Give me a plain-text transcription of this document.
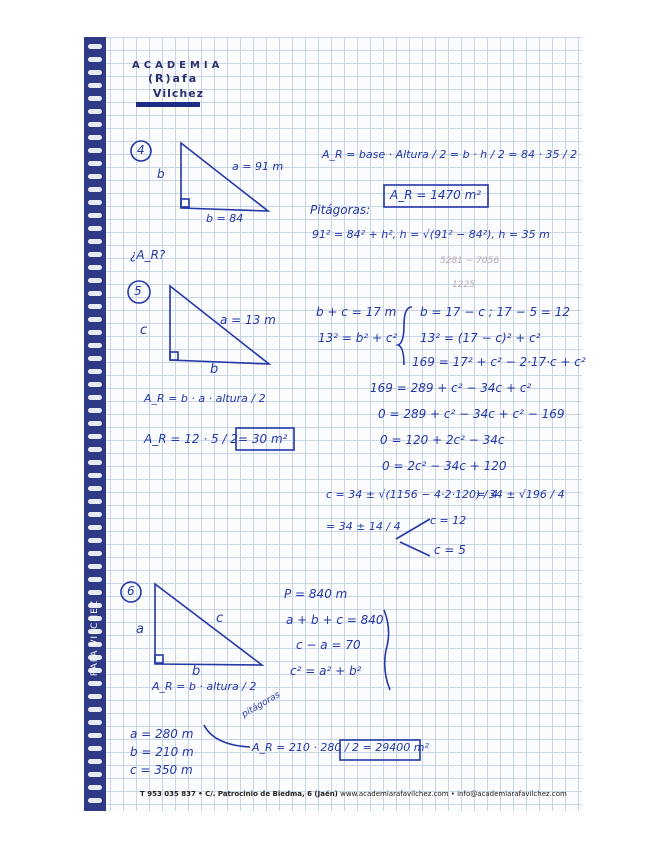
RAFA VILCHEZ
ACADEMIA
(R)afa
Vilchez
4
b
a = 91 m
b = 84
¿A_R?
A_R = base · Altura / 2 = b · h / 2 = 84 · 35 / 2
A_R = 1470 m²
Pitágoras:
91² = 84² + h², h = √(91² − 84²), h = 35 m
5281 − 7056
1225
5
c
a = 13 m
b
A_R = b · a · altura / 2
A_R = 12 · 5 / 2 = 30 m²
b + c = 17 m
13² = b² + c²
b = 17 − c ; 17 − 5 = 12
13² = (17 − c)² + c²
169 = 17² + c² − 2·17·c + c²
169 = 289 + c² − 34c + c²
0 = 289 + c² − 34c + c² − 169
0 = 120 + 2c² − 34c
0 = 2c² − 34c + 120
c = 34 ± √(1156 − 4·2·120) / 4
= 34 ± √196 / 4
= 34 ± 14 / 4	c = 12
c = 5
6
a
c
b
A_R = b · altura / 2
pitágoras
P = 840 m
a + b + c = 840
c − a = 70
c² = a² + b²
a = 280 m
b = 210 m
c = 350 m
A_R = 210 · 280 / 2 = 29400 m²
T 953 035 837 • C/. Patrocinio de Biedma, 6 (Jaén) www.academiarafavilchez.com • info@academiarafavilchez.com
